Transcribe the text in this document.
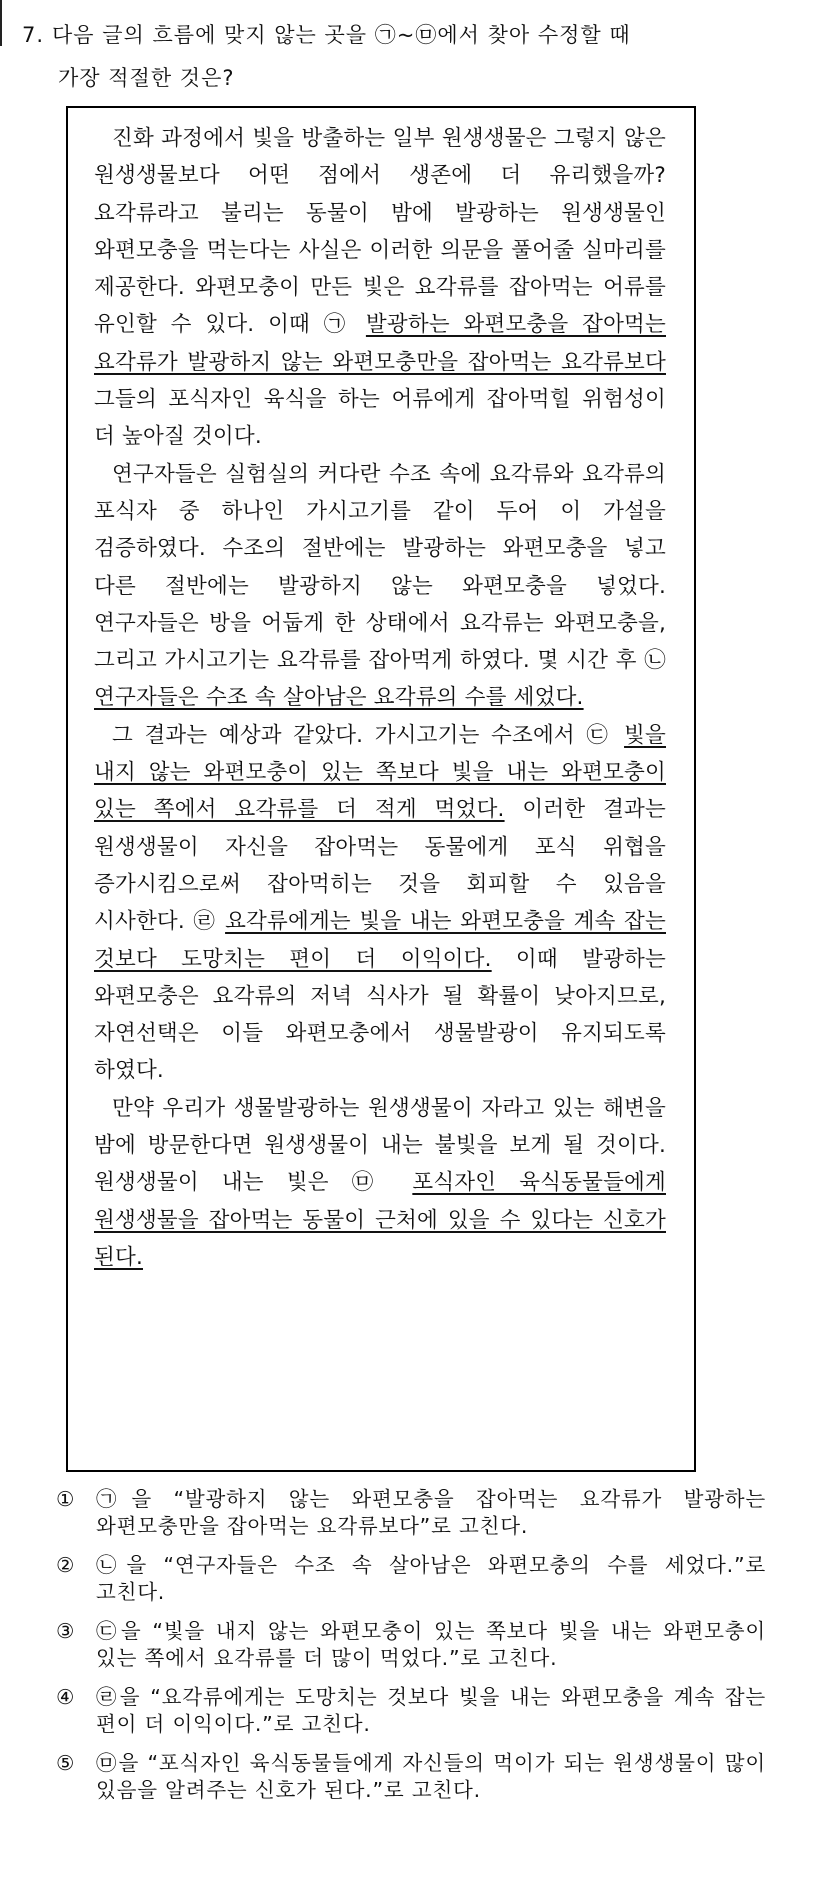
7. 다음 글의 흐름에 맞지 않는 곳을 ㉠~㉤에서 찾아 수정할 때
가장 적절한 것은?

진화 과정에서 빛을 방출하는 일부 원생생물은 그렇지 않은 원생생물보다 어떤 점에서 생존에 더 유리했을까? 요각류라고 불리는 동물이 밤에 발광하는 원생생물인 와편모충을 먹는다는 사실은 이러한 의문을 풀어줄 실마리를 제공한다. 와편모충이 만든 빛은 요각류를 잡아먹는 어류를 유인할 수 있다. 이때 ㉠ 발광하는 와편모충을 잡아먹는 요각류가 발광하지 않는 와편모충만을 잡아먹는 요각류보다 그들의 포식자인 육식을 하는 어류에게 잡아먹힐 위험성이 더 높아질 것이다.

연구자들은 실험실의 커다란 수조 속에 요각류와 요각류의 포식자 중 하나인 가시고기를 같이 두어 이 가설을 검증하였다. 수조의 절반에는 발광하는 와편모충을 넣고 다른 절반에는 발광하지 않는 와편모충을 넣었다. 연구자들은 방을 어둡게 한 상태에서 요각류는 와편모충을, 그리고 가시고기는 요각류를 잡아먹게 하였다. 몇 시간 후 ㉡ 연구자들은 수조 속 살아남은 요각류의 수를 세었다.

그 결과는 예상과 같았다. 가시고기는 수조에서 ㉢ 빛을 내지 않는 와편모충이 있는 쪽보다 빛을 내는 와편모충이 있는 쪽에서 요각류를 더 적게 먹었다. 이러한 결과는 원생생물이 자신을 잡아먹는 동물에게 포식 위협을 증가시킴으로써 잡아먹히는 것을 회피할 수 있음을 시사한다. ㉣ 요각류에게는 빛을 내는 와편모충을 계속 잡는 것보다 도망치는 편이 더 이익이다. 이때 발광하는 와편모충은 요각류의 저녁 식사가 될 확률이 낮아지므로, 자연선택은 이들 와편모충에서 생물발광이 유지되도록 하였다.

만약 우리가 생물발광하는 원생생물이 자라고 있는 해변을 밤에 방문한다면 원생생물이 내는 불빛을 보게 될 것이다. 원생생물이 내는 빛은 ㉤ 포식자인 육식동물들에게 원생생물을 잡아먹는 동물이 근처에 있을 수 있다는 신호가 된다.

①	㉠을 “발광하지 않는 와편모충을 잡아먹는 요각류가 발광하는 와편모충만을 잡아먹는 요각류보다”로 고친다.
②	㉡을 “연구자들은 수조 속 살아남은 와편모충의 수를 세었다.”로 고친다.
③	㉢을 “빛을 내지 않는 와편모충이 있는 쪽보다 빛을 내는 와편모충이 있는 쪽에서 요각류를 더 많이 먹었다.”로 고친다.
④	㉣을 “요각류에게는 도망치는 것보다 빛을 내는 와편모충을 계속 잡는 편이 더 이익이다.”로 고친다.
⑤	㉤을 “포식자인 육식동물들에게 자신들의 먹이가 되는 원생생물이 많이 있음을 알려주는 신호가 된다.”로 고친다.
